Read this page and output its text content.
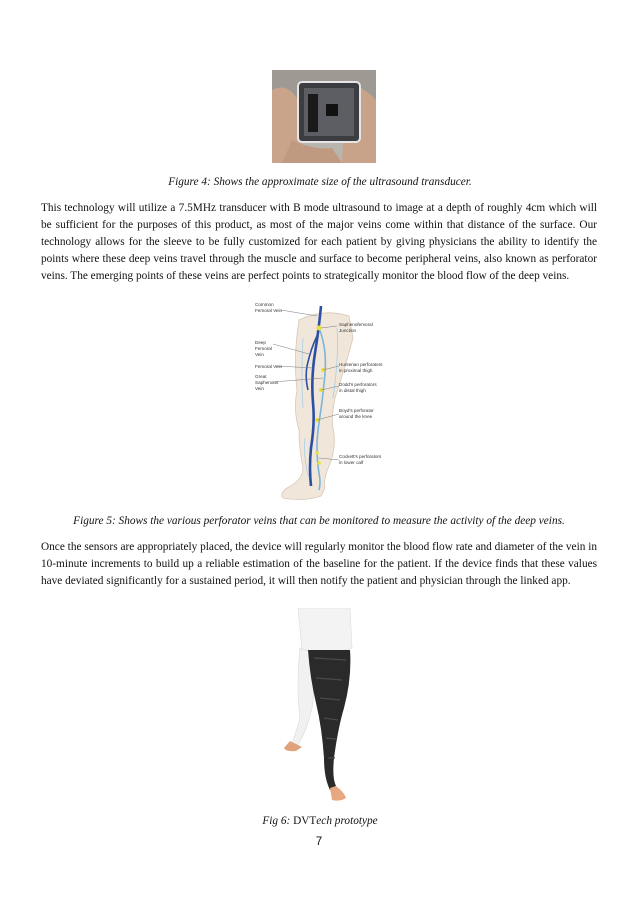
Figure 4: Shows the approximate size of the ultrasound transducer.
This technology will utilize a 7.5MHz transducer with B mode ultrasound to image at a depth of roughly 4cm which will be sufficient for the purposes of this product, as most of the major veins come within that distance of the surface. Our technology allows for the sleeve to be fully customized for each patient by giving physicians the ability to identify the points where these deep veins travel through the muscle and surface to become peripheral veins, also known as perforator veins. The emerging points of these veins are perfect points to strategically monitor the blood flow of the deep veins.
Common
Femoral Vein
Deep
Femoral
Vein
Femoral Vein
Great
Saphenous
Vein
Saphenofemoral
Junction
Hunterian perforators
in proximal thigh
Dodd's perforators
in distal thigh
Boyd's perforator
around the knee
Cockett's perforators
in lower calf
Figure 5: Shows the various perforator veins that can be monitored to measure the activity of the deep veins.
Once the sensors are appropriately placed, the device will regularly monitor the blood flow rate and diameter of the vein in 10-minute increments to build up a reliable estimation of the baseline for the patient. If the device finds that these values have deviated significantly for a sustained period, it will then notify the patient and physician through the linked app.
Fig 6: DVTech prototype
7
